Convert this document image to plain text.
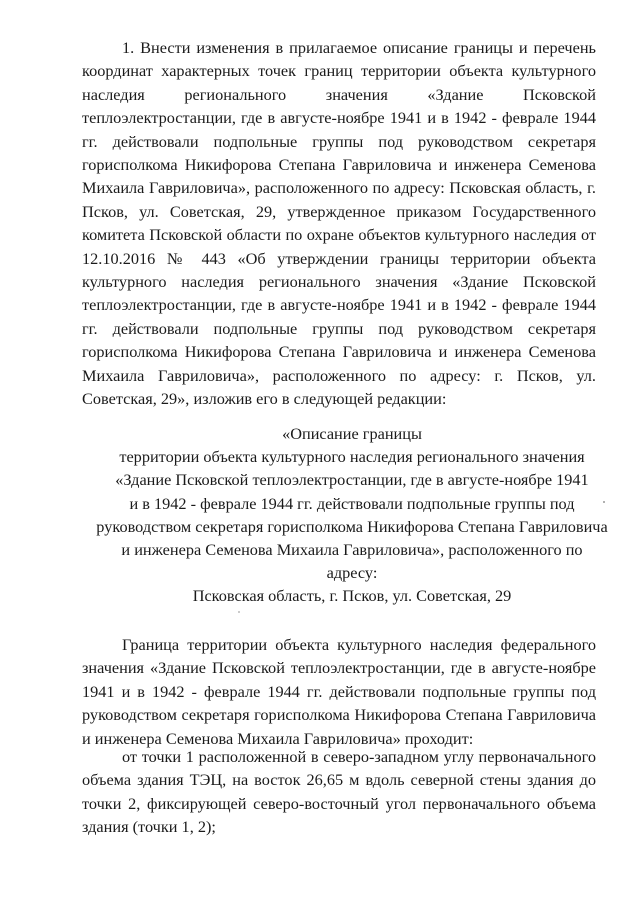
1. Внести изменения в прилагаемое описание границы и перечень координат характерных точек границ территории объекта культурного наследия регионального значения «Здание Псковской теплоэлектростанции, где в августе-ноябре 1941 и в 1942 - феврале 1944 гг. действовали подпольные группы под руководством секретаря горисполкома Никифорова Степана Гавриловича и инженера Семенова Михаила Гавриловича», расположенного по адресу: Псковская область, г. Псков, ул. Советская, 29, утвержденное приказом Государственного комитета Псковской области по охране объектов культурного наследия от 12.10.2016 № 443 «Об утверждении границы территории объекта культурного наследия регионального значения «Здание Псковской теплоэлектростанции, где в августе-ноябре 1941 и в 1942 - феврале 1944 гг. действовали подпольные группы под руководством секретаря горисполкома Никифорова Степана Гавриловича и инженера Семенова Михаила Гавриловича», расположенного по адресу: г. Псков, ул. Советская, 29», изложив его в следующей редакции:

«Описание границы

территории объекта культурного наследия регионального значения

«Здание Псковской теплоэлектростанции, где в августе-ноябре 1941

и в 1942 - феврале 1944 гг. действовали подпольные группы под

руководством секретаря горисполкома Никифорова Степана Гавриловича

и инженера Семенова Михаила Гавриловича», расположенного по адресу:

Псковская область, г. Псков, ул. Советская, 29

Граница территории объекта культурного наследия федерального значения «Здание Псковской теплоэлектростанции, где в августе-ноябре 1941 и в 1942 - феврале 1944 гг. действовали подпольные группы под руководством секретаря горисполкома Никифорова Степана Гавриловича и инженера Семенова Михаила Гавриловича» проходит:

от точки 1 расположенной в северо-западном углу первоначального объема здания ТЭЦ, на восток 26,65 м вдоль северной стены здания до точки 2, фиксирующей северо-восточный угол первоначального объема здания (точки 1, 2);
